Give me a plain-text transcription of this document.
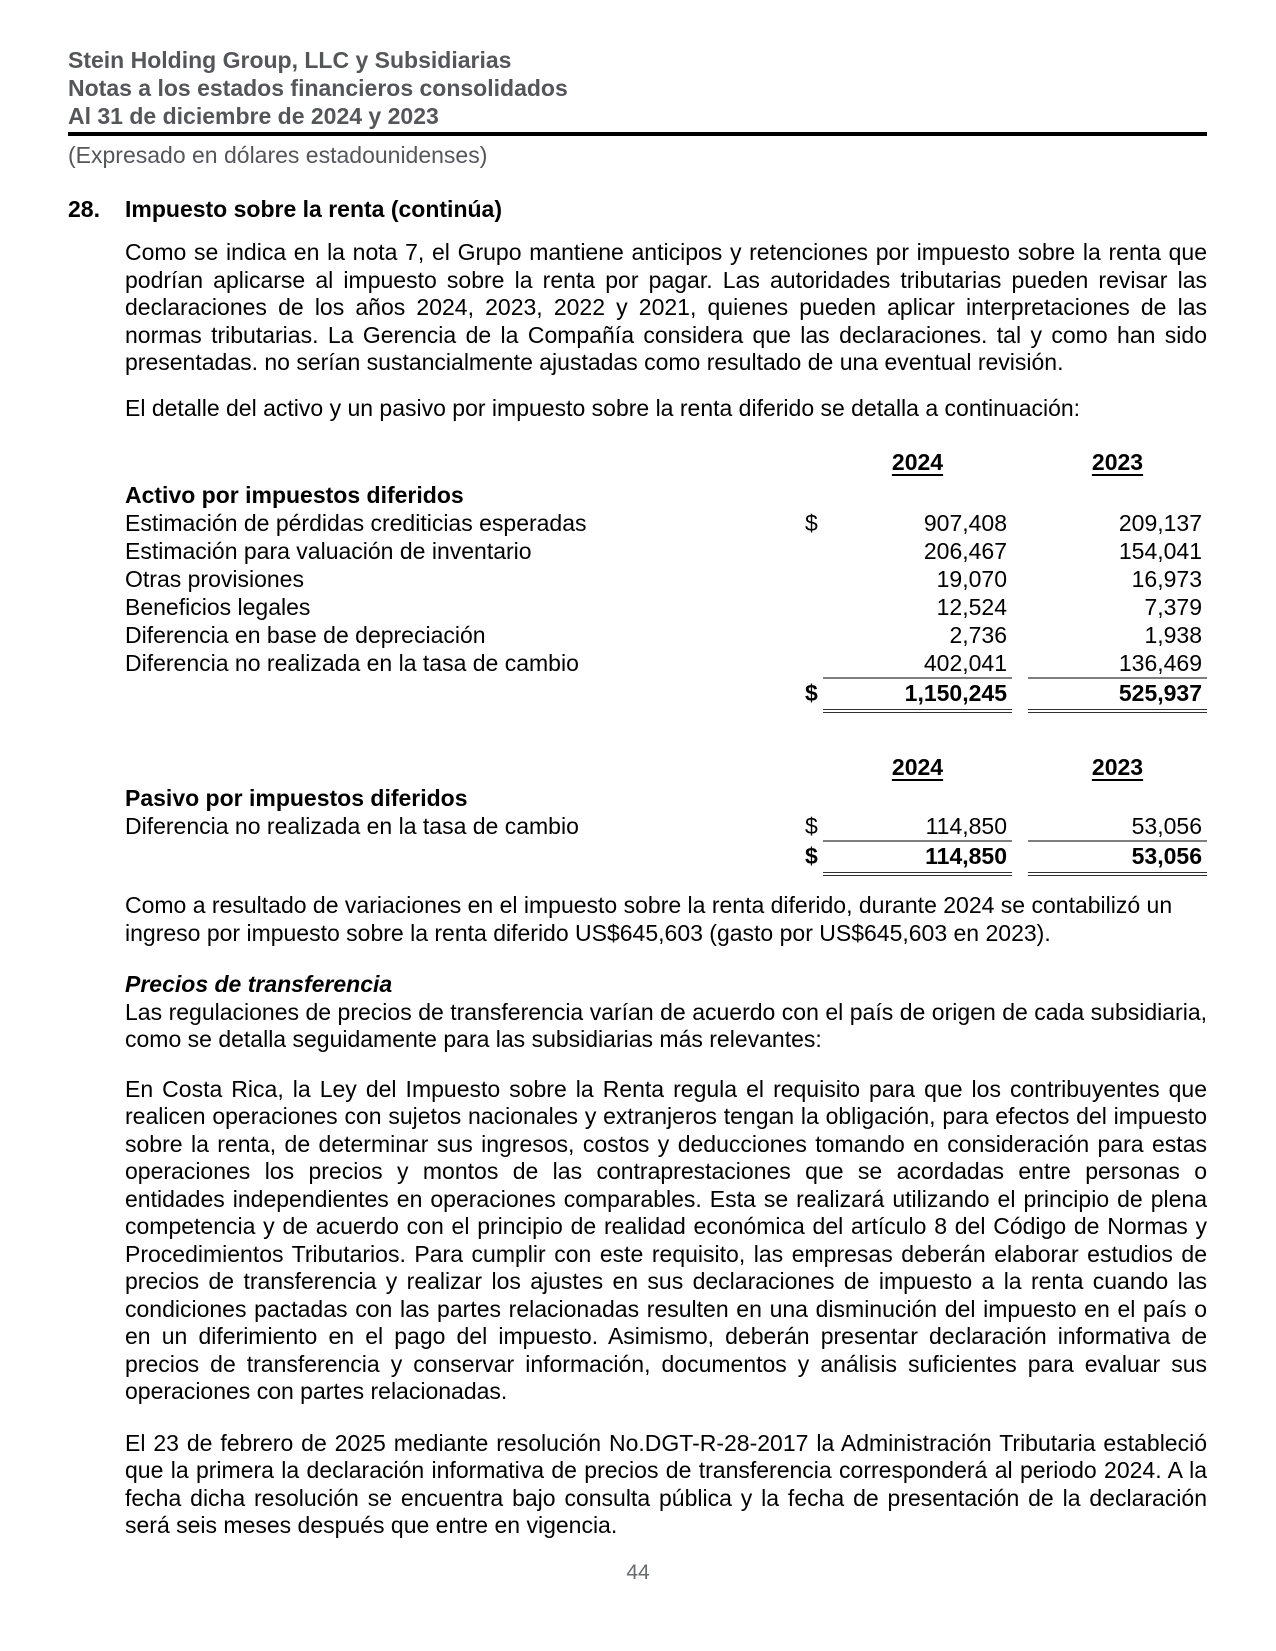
Stein Holding Group, LLC y Subsidiarias
Notas a los estados financieros consolidados
Al 31 de diciembre de 2024 y 2023
(Expresado en dólares estadounidenses)
28.	Impuesto sobre la renta (continúa)

Como se indica en la nota 7, el Grupo mantiene anticipos y retenciones por impuesto sobre la renta que podrían aplicarse al impuesto sobre la renta por pagar. Las autoridades tributarias pueden revisar las declaraciones de los años 2024, 2023, 2022 y 2021, quienes pueden aplicar interpretaciones de las normas tributarias. La Gerencia de la Compañía considera que las declaraciones. tal y como han sido presentadas. no serían sustancialmente ajustadas como resultado de una eventual revisión.

El detalle del activo y un pasivo por impuesto sobre la renta diferido se detalla a continuación:

2024	2023
Activo por impuestos diferidos
Estimación de pérdidas crediticias esperadas	$	907,408	209,137
Estimación para valuación de inventario	206,467	154,041
Otras provisiones	19,070	16,973
Beneficios legales	12,524	7,379
Diferencia en base de depreciación	2,736	1,938
Diferencia no realizada en la tasa de cambio	402,041	136,469
$	1,150,245	525,937
2024	2023
Pasivo por impuestos diferidos
Diferencia no realizada en la tasa de cambio	$	114,850	53,056
$	114,850	53,056

Como a resultado de variaciones en el impuesto sobre la renta diferido, durante 2024 se contabilizó un ingreso por impuesto sobre la renta diferido US$645,603 (gasto por US$645,603 en 2023).

Precios de transferencia

Las regulaciones de precios de transferencia varían de acuerdo con el país de origen de cada subsidiaria, como se detalla seguidamente para las subsidiarias más relevantes:

En Costa Rica, la Ley del Impuesto sobre la Renta regula el requisito para que los contribuyentes que realicen operaciones con sujetos nacionales y extranjeros tengan la obligación, para efectos del impuesto sobre la renta, de determinar sus ingresos, costos y deducciones tomando en consideración para estas operaciones los precios y montos de las contraprestaciones que se acordadas entre personas o entidades independientes en operaciones comparables. Esta se realizará utilizando el principio de plena competencia y de acuerdo con el principio de realidad económica del artículo 8 del Código de Normas y Procedimientos Tributarios. Para cumplir con este requisito, las empresas deberán elaborar estudios de precios de transferencia y realizar los ajustes en sus declaraciones de impuesto a la renta cuando las condiciones pactadas con las partes relacionadas resulten en una disminución del impuesto en el país o en un diferimiento en el pago del impuesto. Asimismo, deberán presentar declaración informativa de precios de transferencia y conservar información, documentos y análisis suficientes para evaluar sus operaciones con partes relacionadas.

El 23 de febrero de 2025 mediante resolución No.DGT-R-28-2017 la Administración Tributaria estableció que la primera la declaración informativa de precios de transferencia corresponderá al periodo 2024. A la fecha dicha resolución se encuentra bajo consulta pública y la fecha de presentación de la declaración será seis meses después que entre en vigencia.

44
